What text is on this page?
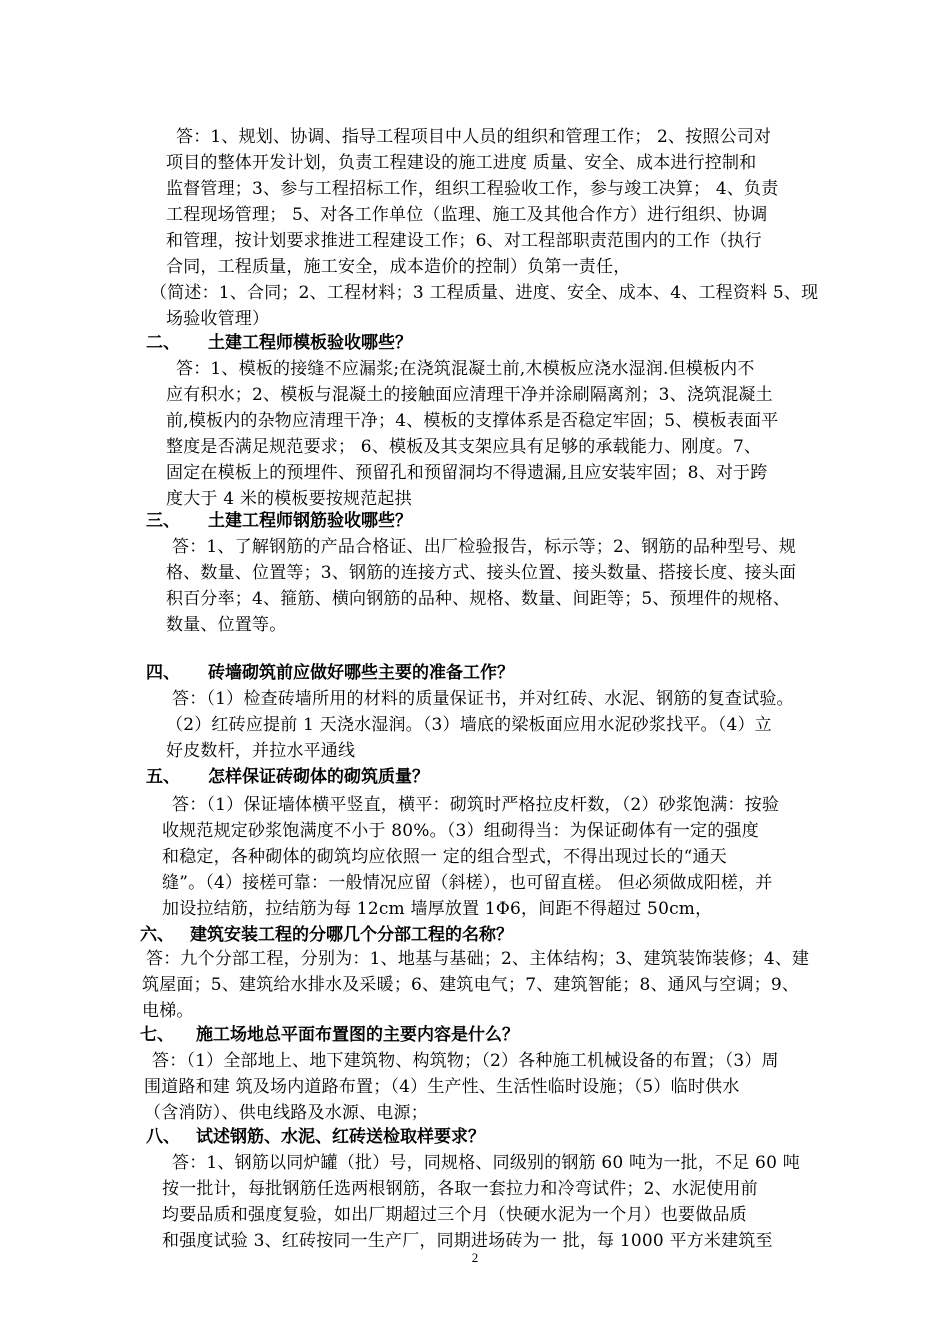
答：1、规划、协调、指导工程项目中人员的组织和管理工作； 2、按照公司对
项目的整体开发计划，负责工程建设的施工进度 质量、安全、成本进行控制和
监督管理；3、参与工程招标工作，组织工程验收工作，参与竣工决算； 4、负责
工程现场管理； 5、对各工作单位（监理、施工及其他合作方）进行组织、协调
和管理，按计划要求推进工程建设工作；6、对工程部职责范围内的工作（执行
合同，工程质量，施工安全，成本造价的控制）负第一责任，
（简述：1、合同；2、工程材料；3 工程质量、进度、安全、成本、4、工程资料 5、现
场验收管理）
二、 土建工程师模板验收哪些？
答：1、模板的接缝不应漏浆;在浇筑混凝土前,木模板应浇水湿润.但模板内不
应有积水；2、模板与混凝土的接触面应清理干净并涂刷隔离剂；3、浇筑混凝土
前,模板内的杂物应清理干净；4、模板的支撑体系是否稳定牢固；5、模板表面平
整度是否满足规范要求； 6、模板及其支架应具有足够的承载能力、刚度。7、
固定在模板上的预埋件、预留孔和预留洞均不得遗漏,且应安装牢固；8、对于跨
度大于 4 米的模板要按规范起拱
三、 土建工程师钢筋验收哪些？
答：1、了解钢筋的产品合格证、出厂检验报告，标示等；2、钢筋的品种型号、规
格、数量、位置等；3、钢筋的连接方式、接头位置、接头数量、搭接长度、接头面
积百分率；4、箍筋、横向钢筋的品种、规格、数量、间距等；5、预埋件的规格、
数量、位置等。
四、 砖墙砌筑前应做好哪些主要的准备工作？
答：（1）检查砖墙所用的材料的质量保证书，并对红砖、水泥、钢筋的复查试验。
（2）红砖应提前 1 天浇水湿润。（3）墙底的梁板面应用水泥砂浆找平。（4）立
好皮数杆，并拉水平通线
五、 怎样保证砖砌体的砌筑质量？
答：（1）保证墙体横平竖直，横平：砌筑时严格拉皮杆数，（2）砂浆饱满：按验
收规范规定砂浆饱满度不小于 80%。（3）组砌得当：为保证砌体有一定的强度
和稳定，各种砌体的砌筑均应依照一 定的组合型式，不得出现过长的“通天
缝”。（4）接槎可靠：一般情况应留（斜槎），也可留直槎。 但必须做成阳槎，并
加设拉结筋，拉结筋为每 12cm 墙厚放置 1Φ6，间距不得超过 50cm，
六、 建筑安装工程的分哪几个分部工程的名称？
答：九个分部工程，分别为：1、地基与基础；2、主体结构；3、建筑装饰装修；4、建
筑屋面；5、建筑给水排水及采暖；6、建筑电气；7、建筑智能；8、通风与空调；9、
电梯。
七、 施工场地总平面布置图的主要内容是什么？
答：（1）全部地上、地下建筑物、构筑物；（2）各种施工机械设备的布置；（3）周
围道路和建 筑及场内道路布置；（4）生产性、生活性临时设施；（5）临时供水
（含消防）、供电线路及水源、电源；
八、 试述钢筋、水泥、红砖送检取样要求？
答：1、钢筋以同炉罐（批）号，同规格、同级别的钢筋 60 吨为一批，不足 60 吨
按一批计，每批钢筋任选两根钢筋，各取一套拉力和冷弯试件；2、水泥使用前
均要品质和强度复验，如出厂期超过三个月（快硬水泥为一个月）也要做品质
和强度试验 3、红砖按同一生产厂，同期进场砖为一 批，每 1000 平方米建筑至
2
